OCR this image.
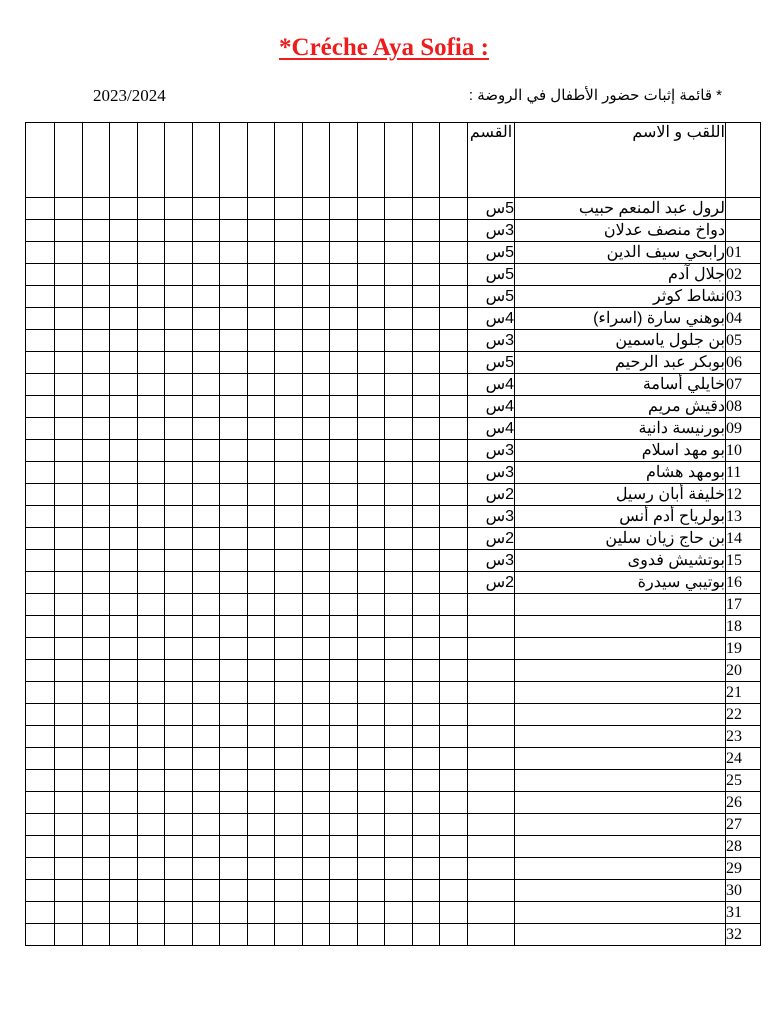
*Créche Aya Sofia :
* قائمة إثبات حضور الأطفال في الروضة :
2023/2024
																القسم	اللقب و الاسم	
																5س	لرول عبد المنعم حبيب	
																3س	دواخ منصف عدلان	
																5س	رابحي سيف الدين	01
																5س	جلال آدم	02
																5س	نشاط كوثر	03
																4س	بوهني سارة (اسراء)	04
																3س	بن جلول ياسمين	05
																5س	بوبكر عبد الرحيم	06
																4س	خايلي أسامة	07
																4س	دقيش مريم	08
																4س	بورنيسة دانية	09
																3س	بو مهد اسلام	10
																3س	بومهد هشام	11
																2س	خليفة أبان رسيل	12
																3س	بولرياح أدم أنس	13
																2س	بن حاج زيان سلين	14
																3س	بوتشيش فدوى	15
																2س	بوتيبي سيدرة	16
																		17
																		18
																		19
																		20
																		21
																		22
																		23
																		24
																		25
																		26
																		27
																		28
																		29
																		30
																		31
																		32
